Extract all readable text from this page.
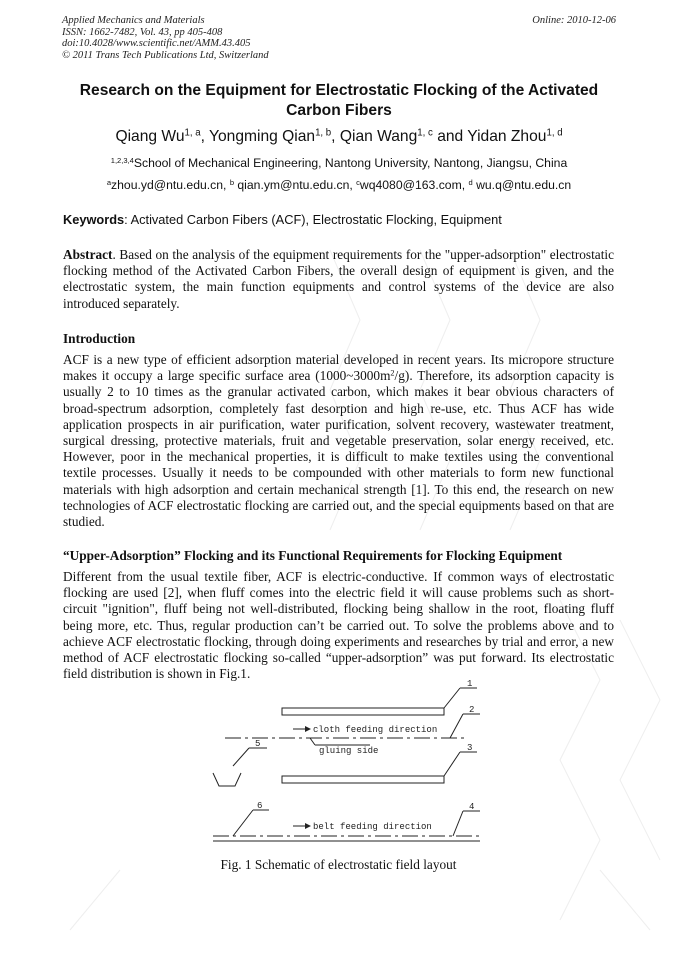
Applied Mechanics and Materials
ISSN: 1662-7482, Vol. 43, pp 405-408
doi:10.4028/www.scientific.net/AMM.43.405
© 2011 Trans Tech Publications Ltd, Switzerland
Online: 2010-12-06
Research on the Equipment for Electrostatic Flocking of the Activated Carbon Fibers
Qiang Wu$^{1, a}$, Yongming Qian$^{1, b}$, Qian Wang$^{1, c}$ and Yidan Zhou$^{1, d}$
$^{1,2,3,4}$School of Mechanical Engineering, Nantong University, Nantong, Jiangsu, China
$^a$zhou.yd@ntu.edu.cn, $^b$ qian.ym@ntu.edu.cn, $^c$wq4080@163.com, $^d$ wu.q@ntu.edu.cn
Keywords: Activated Carbon Fibers (ACF), Electrostatic Flocking, Equipment
Abstract. Based on the analysis of the equipment requirements for the "upper-adsorption" electrostatic flocking method of the Activated Carbon Fibers, the overall design of equipment is given, and the electrostatic system, the main function equipments and control systems of the device are also introduced separately.
Introduction
ACF is a new type of efficient adsorption material developed in recent years. Its micropore structure makes it occupy a large specific surface area $(1000\sim 3000m^2/g)$. Therefore, its adsorption capacity is usually 2 to 10 times as the granular activated carbon, which makes it bear obvious characters of broad-spectrum adsorption, completely fast desorption and high re-use, etc. Thus ACF has wide application prospects in air purification, water purification, solvent recovery, wastewater treatment, surgical dressing, protective materials, fruit and vegetable preservation, solar energy received, etc. However, poor in the mechanical properties, it is difficult to make textiles using the conventional textile processes. Usually it needs to be compounded with other materials to form new functional materials with high adsorption and certain mechanical strength [1]. To this end, the research on new technologies of ACF electrostatic flocking are carried out, and the special equipments based on that are studied.
“Upper-Adsorption” Flocking and its Functional Requirements for Flocking Equipment
Different from the usual textile fiber, ACF is electric-conductive. If common ways of electrostatic flocking are used [2], when fluff comes into the electric field it will cause problems such as short-circuit "ignition", fluff being not well-distributed, flocking being shallow in the root, floating fluff being more, etc. Thus, regular production can’t be carried out. To solve the problems above and to achieve ACF electrostatic flocking, through doing experiments and researches by trial and error, a new method of ACF electrostatic flocking so-called “upper-adsorption” was put forward. Its electrostatic field distribution is shown in Fig.1.
1
2
3
4
5
6
cloth feeding direction
gluing side
belt feeding direction
Fig. 1 Schematic of electrostatic field layout
